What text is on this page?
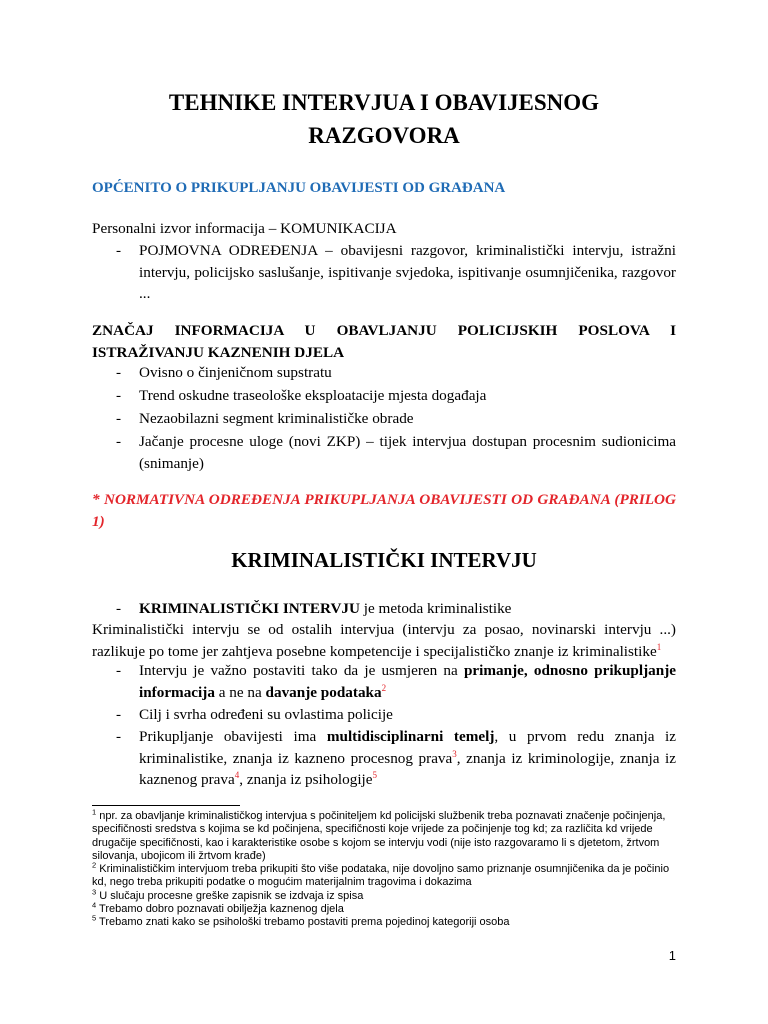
TEHNIKE INTERVJUA I OBAVIJESNOG
RAZGOVORA
OPĆENITO O PRIKUPLJANJU OBAVIJESTI OD GRAĐANA
Personalni izvor informacija – KOMUNIKACIJA
- POJMOVNA ODREĐENJA – obavijesni razgovor, kriminalistički intervju, istražni intervju, policijsko saslušanje, ispitivanje svjedoka, ispitivanje osumnjičenika, razgovor ...
ZNAČAJ INFORMACIJA U OBAVLJANJU POLICIJSKIH POSLOVA I ISTRAŽIVANJU KAZNENIH DJELA
- Ovisno o činjeničnom supstratu
- Trend oskudne traseološke eksploatacije mjesta događaja
- Nezaobilazni segment kriminalističke obrade
- Jačanje procesne uloge (novi ZKP) – tijek intervjua dostupan procesnim sudionicima (snimanje)
* NORMATIVNA ODREĐENJA PRIKUPLJANJA OBAVIJESTI OD GRAĐANA (PRILOG 1)
KRIMINALISTIČKI INTERVJU
- KRIMINALISTIČKI INTERVJU je metoda kriminalistike
Kriminalistički intervju se od ostalih intervjua (intervju za posao, novinarski intervju ...) razlikuje po tome jer zahtjeva posebne kompetencije i specijalističko znanje iz kriminalistike$^1$
- Intervju je važno postaviti tako da je usmjeren na primanje, odnosno prikupljanje informacija a ne na davanje podataka$^2$
- Cilj i svrha određeni su ovlastima policije
- Prikupljanje obavijesti ima multidisciplinarni temelj, u prvom redu znanja iz kriminalistike, znanja iz kazneno procesnog prava$^3$, znanja iz kriminologije, znanja iz kaznenog prava$^4$, znanja iz psihologije$^5$
$^1$ npr. za obavljanje kriminalističkog intervjua s počiniteljem kd policijski službenik treba poznavati značenje počinjenja, specifičnosti sredstva s kojima se kd počinjena, specifičnosti koje vrijede za počinjenje tog kd; za različita kd vrijede drugačije specifičnosti, kao i karakteristike osobe s kojom se intervju vodi (nije isto razgovaramo li s djetetom, žrtvom silovanja, ubojicom ili žrtvom krađe)
$^2$ Kriminalističkim intervjuom treba prikupiti što više podataka, nije dovoljno samo priznanje osumnjičenika da je počinio kd, nego treba prikupiti podatke o mogućim materijalnim tragovima i dokazima
$^3$ U slučaju procesne greške zapisnik se izdvaja iz spisa
$^4$ Trebamo dobro poznavati obilježja kaznenog djela
$^5$ Trebamo znati kako se psihološki trebamo postaviti prema pojedinoj kategoriji osoba
1
